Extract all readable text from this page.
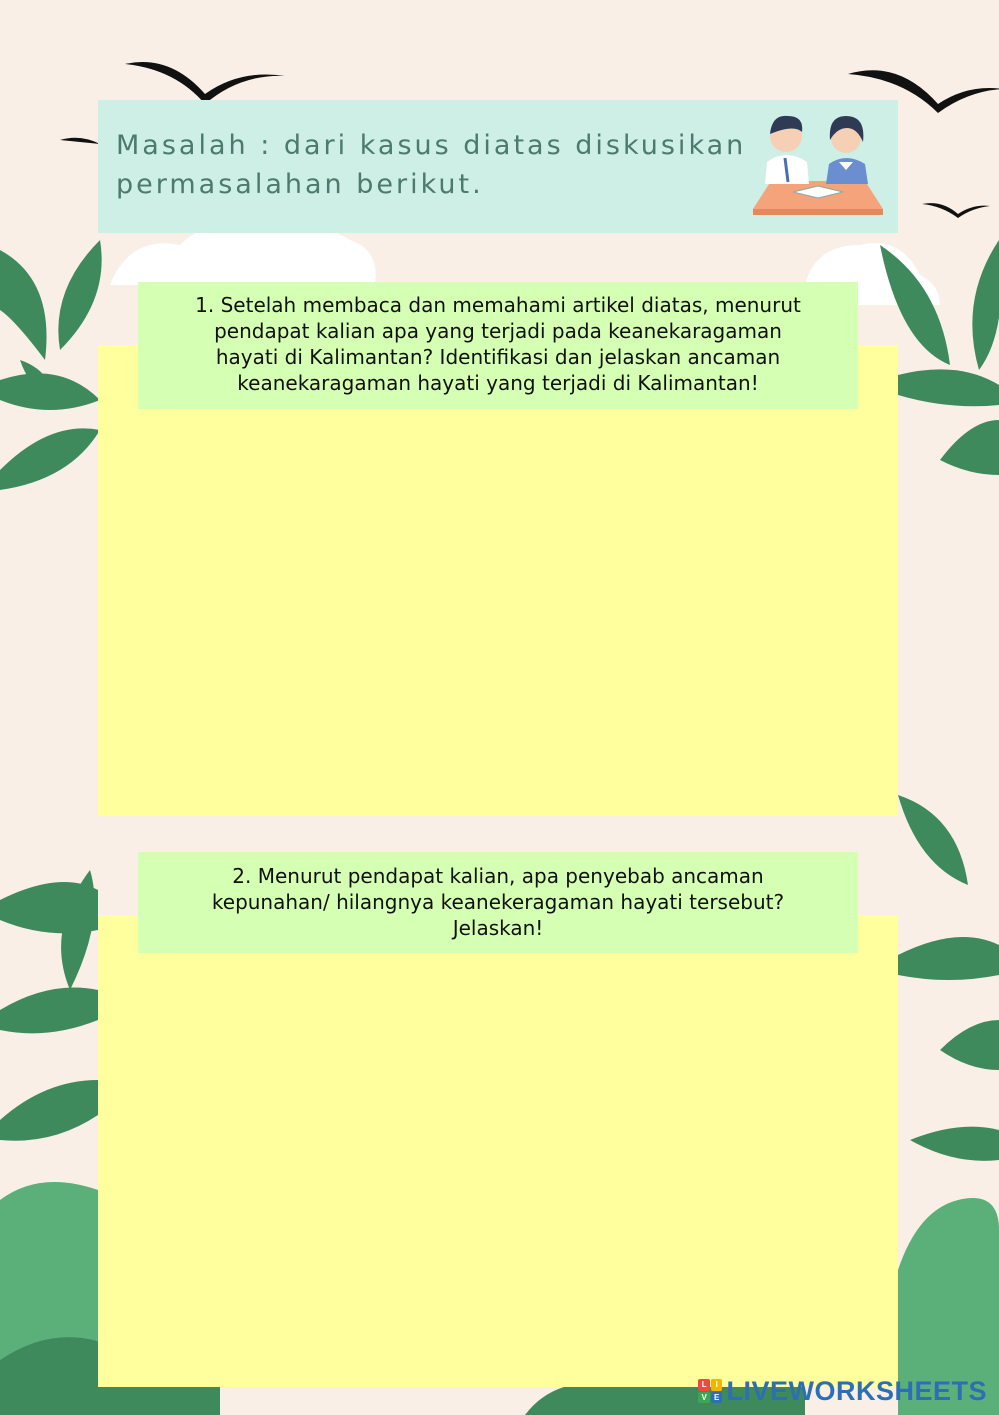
Masalah : dari kasus diatas diskusikan permasalahan berikut.
1. Setelah membaca dan memahami artikel diatas, menurut
pendapat kalian apa yang terjadi pada keanekaragaman
hayati di Kalimantan? Identifikasi dan jelaskan ancaman
keanekaragaman hayati yang terjadi di Kalimantan!
2. Menurut pendapat kalian, apa penyebab ancaman
kepunahan/ hilangnya keanekeragaman hayati tersebut?
Jelaskan!
L	I
V E LIVEWORKSHEETS
